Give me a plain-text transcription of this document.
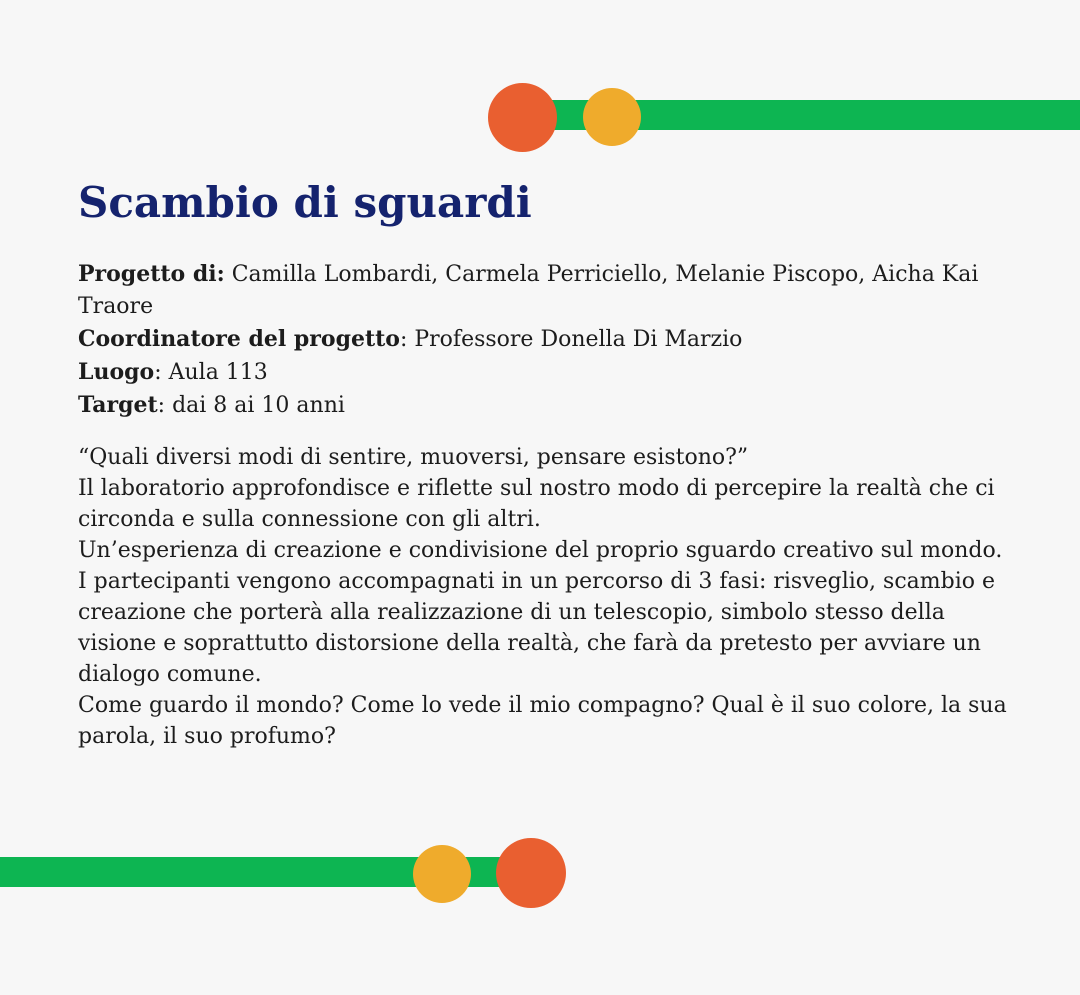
Scambio di sguardi

Progetto di: Camilla Lombardi, Carmela Perriciello, Melanie Piscopo, Aicha Kai Traore

Coordinatore del progetto: Professore Donella Di Marzio

Luogo: Aula 113

Target: dai 8 ai 10 anni

“Quali diversi modi di sentire, muoversi, pensare esistono?”

Il laboratorio approfondisce e riflette sul nostro modo di percepire la realtà che ci circonda e sulla connessione con gli altri.

Un’esperienza di creazione e condivisione del proprio sguardo creativo sul mondo.

I partecipanti vengono accompagnati in un percorso di 3 fasi: risveglio, scambio e creazione che porterà alla realizzazione di un telescopio, simbolo stesso della visione e soprattutto distorsione della realtà, che farà da pretesto per avviare un dialogo comune.

Come guardo il mondo? Come lo vede il mio compagno? Qual è il suo colore, la sua parola, il suo profumo?
